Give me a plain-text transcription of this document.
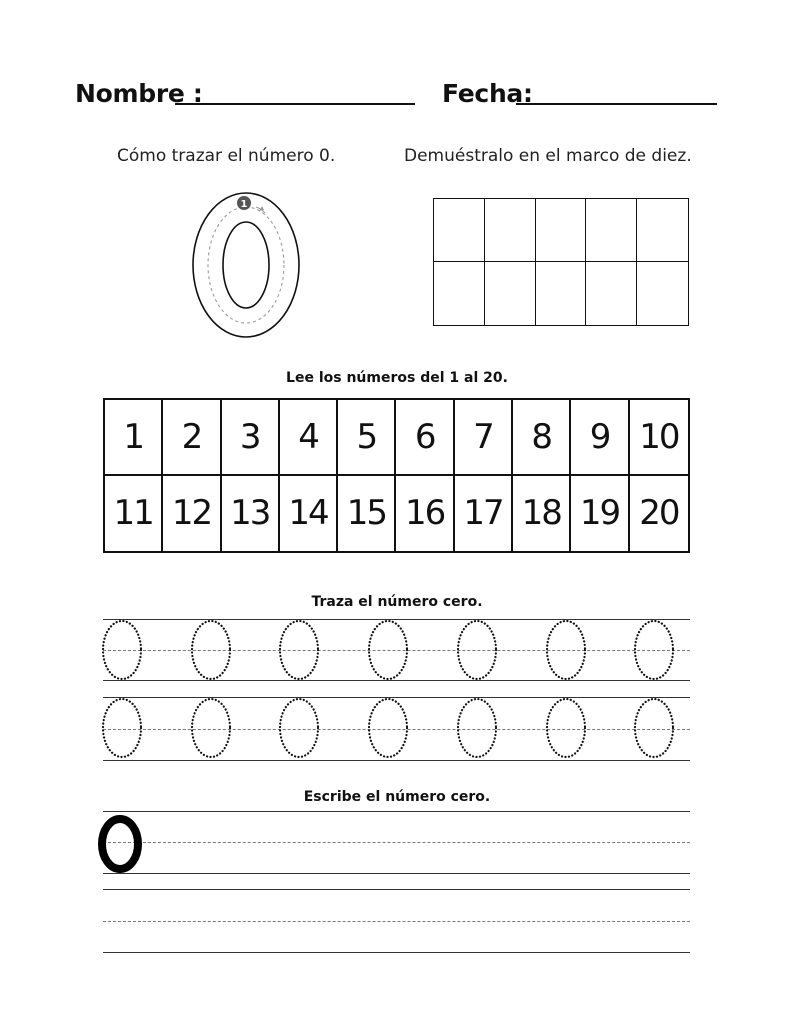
Nombre :	Fecha:
Cómo trazar el número 0.	Demuéstralo en el marco de diez.
1
Lee los números del 1 al 20.
1	2	3	4	5	6	7	8	9 10
11 12 13 14 15 16 17 18 19 20
Traza el número cero.
Escribe el número cero.
